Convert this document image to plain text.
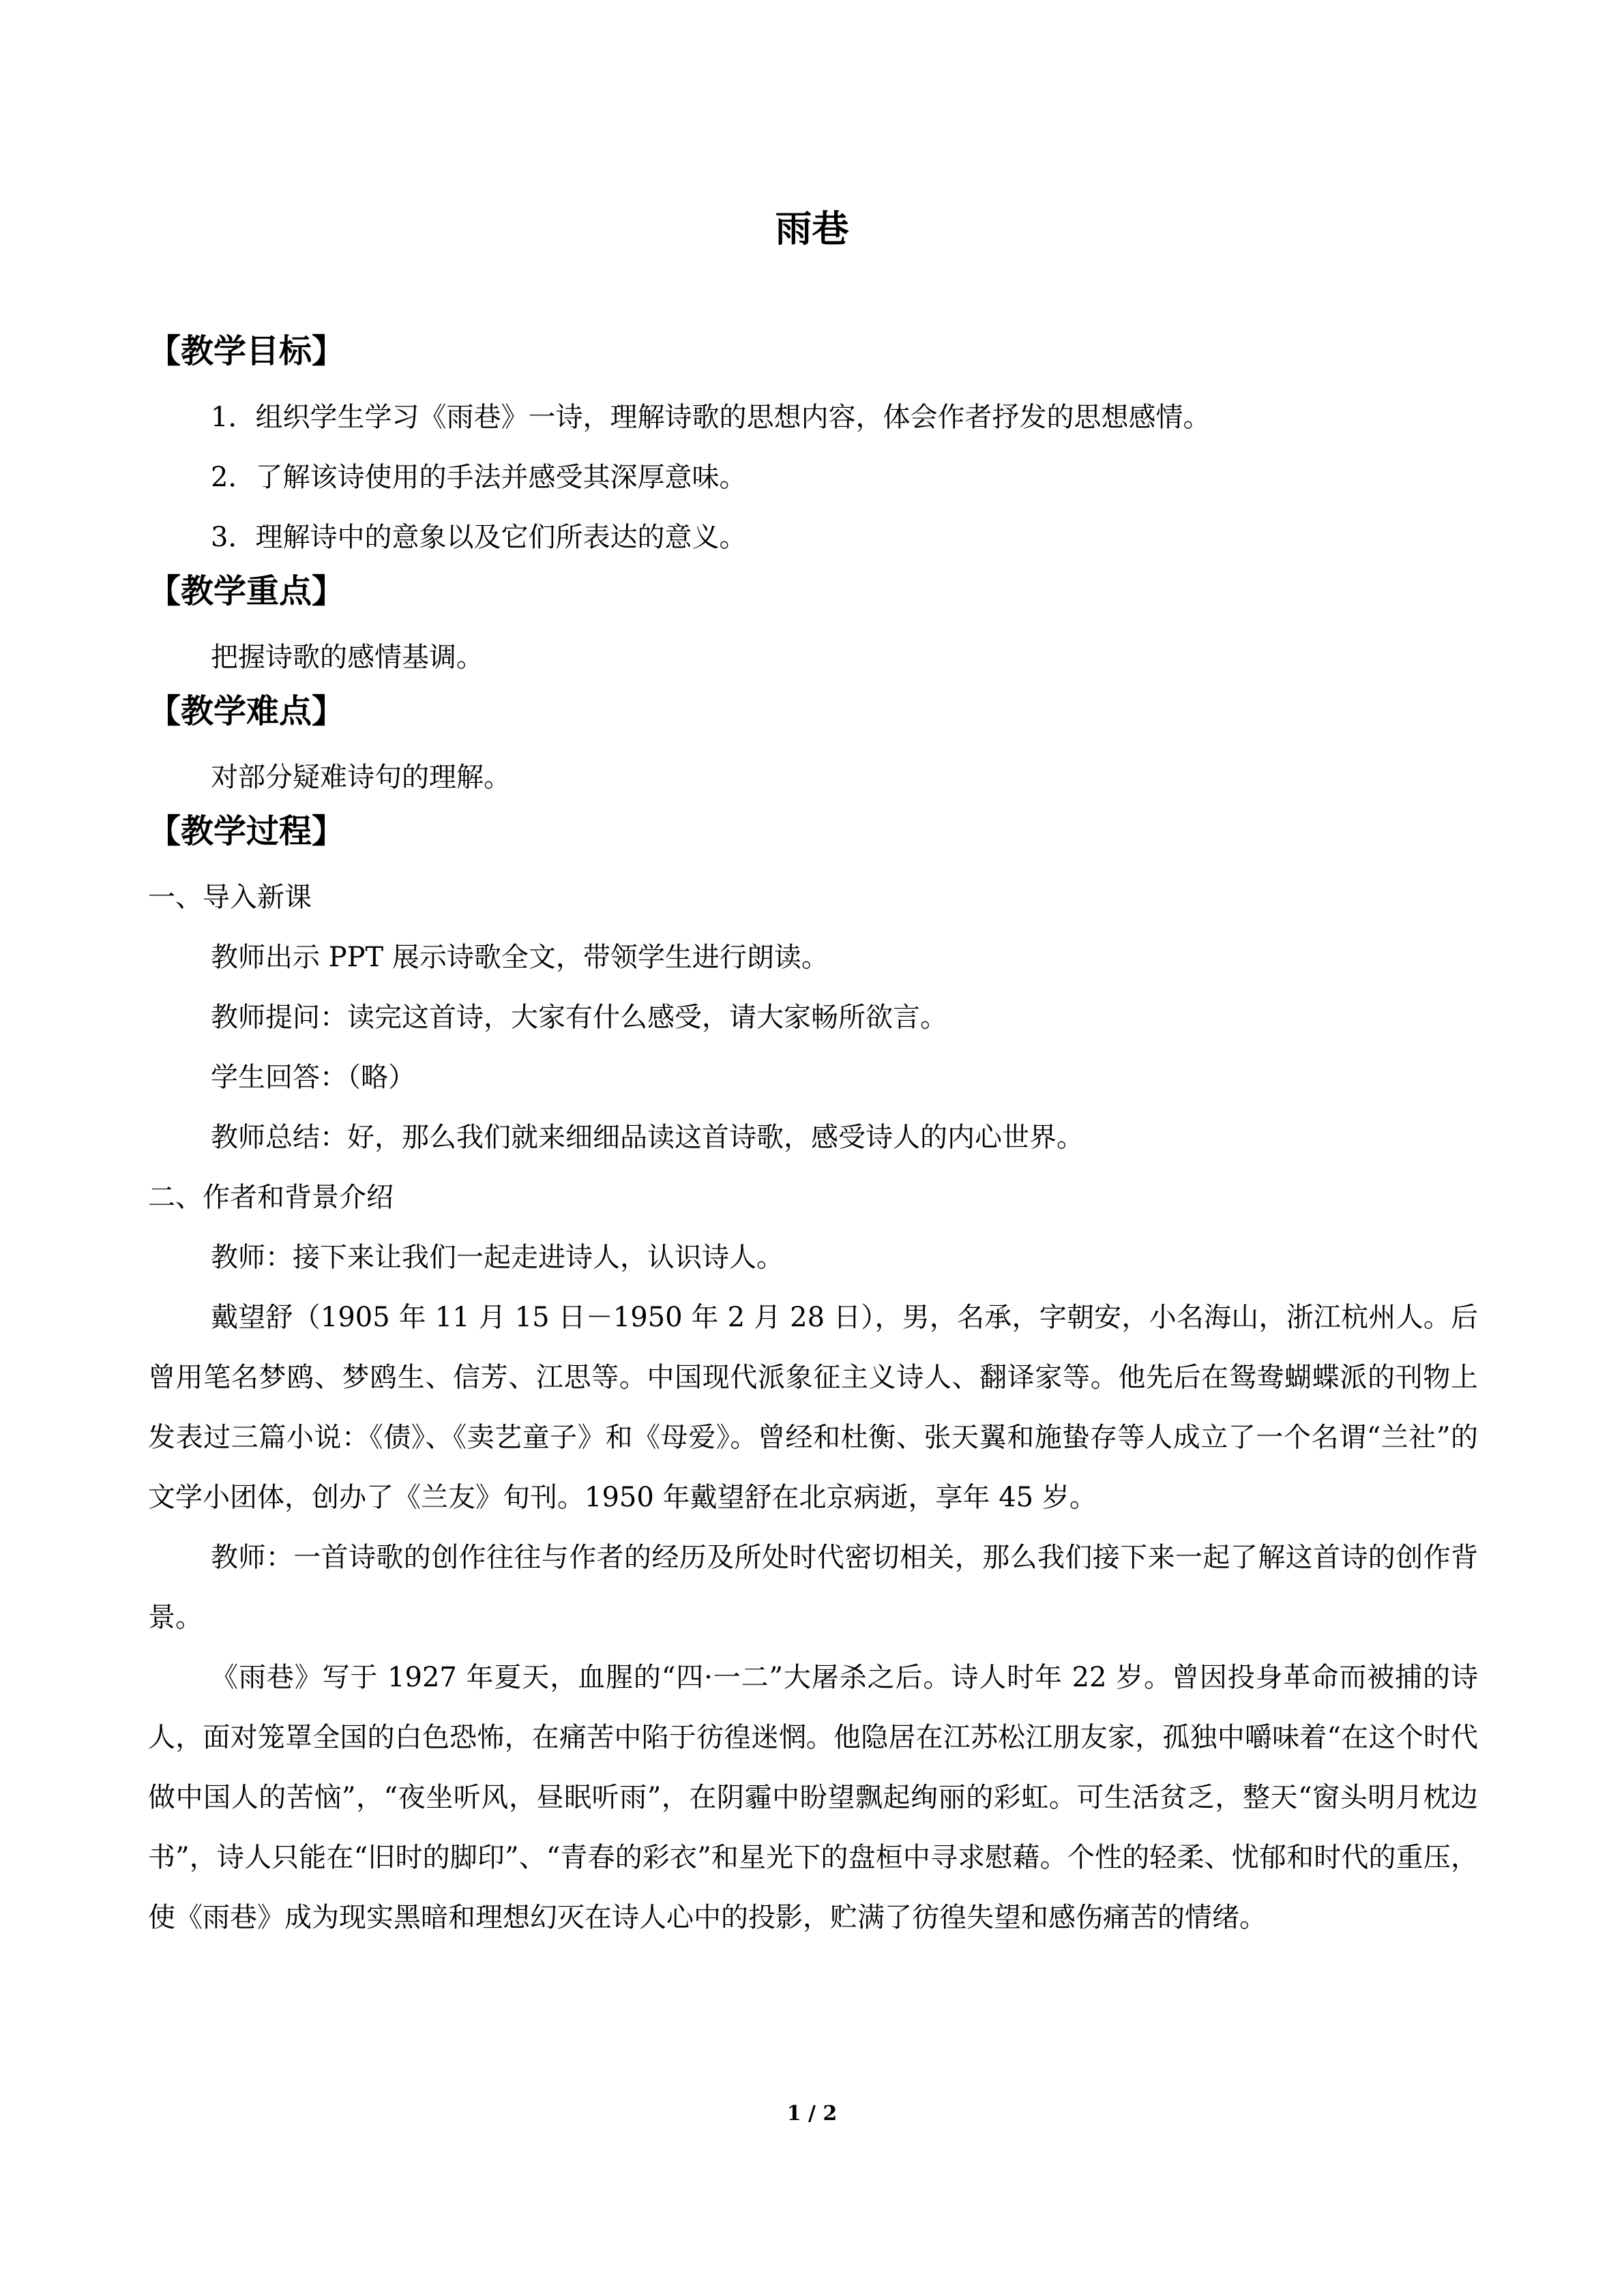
雨巷
【教学目标】
1．组织学生学习《雨巷》一诗，理解诗歌的思想内容，体会作者抒发的思想感情。
2．了解该诗使用的手法并感受其深厚意味。
3．理解诗中的意象以及它们所表达的意义。
【教学重点】
把握诗歌的感情基调。
【教学难点】
对部分疑难诗句的理解。
【教学过程】
一、导入新课
教师出示 PPT 展示诗歌全文，带领学生进行朗读。
教师提问：读完这首诗，大家有什么感受，请大家畅所欲言。
学生回答：（略）
教师总结：好，那么我们就来细细品读这首诗歌，感受诗人的内心世界。
二、作者和背景介绍
教师：接下来让我们一起走进诗人，认识诗人。

戴望舒（1905 年 11 月 15 日－1950 年 2 月 28 日），男，名承，字朝安，小名海山，浙江杭州人。后曾用笔名梦鸥、梦鸥生、信芳、江思等。中国现代派象征主义诗人、翻译家等。他先后在鸳鸯蝴蝶派的刊物上发表过三篇小说：《债》、《卖艺童子》和《母爱》。曾经和杜衡、张天翼和施蛰存等人成立了一个名谓“兰社”的文学小团体，创办了《兰友》旬刊。1950 年戴望舒在北京病逝，享年 45 岁。

教师：一首诗歌的创作往往与作者的经历及所处时代密切相关，那么我们接下来一起了解这首诗的创作背景。

《雨巷》写于 1927 年夏天，血腥的“四·一二”大屠杀之后。诗人时年 22 岁。曾因投身革命而被捕的诗人，面对笼罩全国的白色恐怖，在痛苦中陷于彷徨迷惘。他隐居在江苏松江朋友家，孤独中嚼味着“在这个时代做中国人的苦恼”，“夜坐听风，昼眠听雨”，在阴霾中盼望飘起绚丽的彩虹。可生活贫乏，整天“窗头明月枕边书”，诗人只能在“旧时的脚印”、“青春的彩衣”和星光下的盘桓中寻求慰藉。个性的轻柔、忧郁和时代的重压，使《雨巷》成为现实黑暗和理想幻灭在诗人心中的投影，贮满了彷徨失望和感伤痛苦的情绪。

1 / 2
